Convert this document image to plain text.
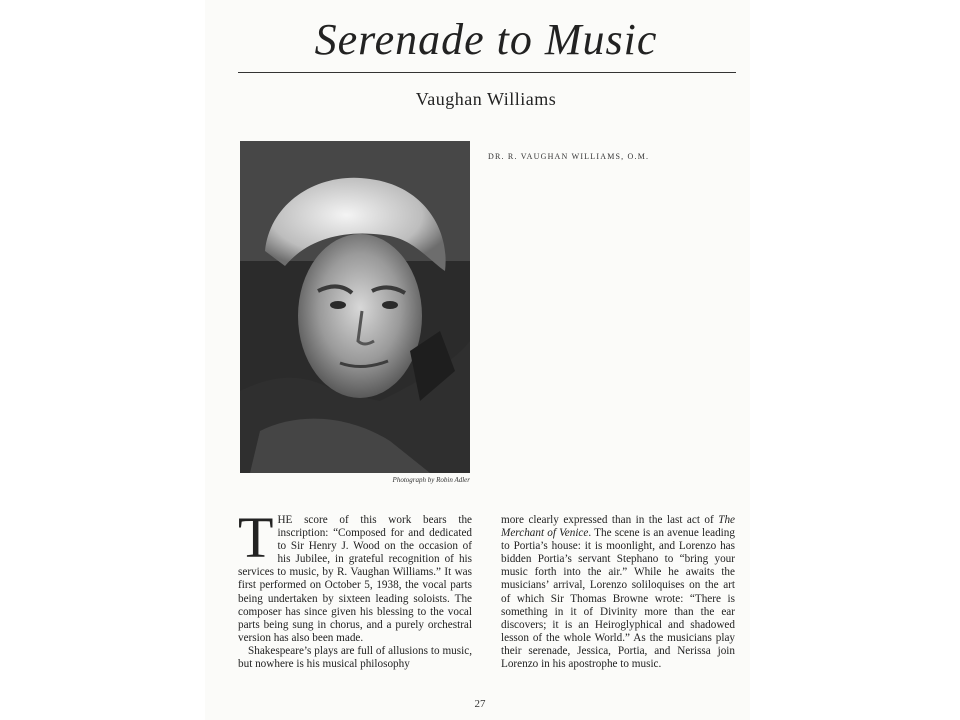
Serenade to Music
Vaughan Williams
DR. R. VAUGHAN WILLIAMS, O.M.
Photograph by Robin Adler

THE score of this work bears the inscription: “Composed for and dedicated to Sir Henry J. Wood on the occasion of his Jubilee, in grateful recognition of his services to music, by R. Vaughan Williams.” It was first performed on October 5, 1938, the vocal parts being undertaken by sixteen leading soloists. The composer has since given his blessing to the vocal parts being sung in chorus, and a purely orchestral version has also been made.

Shakespeare’s plays are full of allusions to music, but nowhere is his musical philosophy

more clearly expressed than in the last act of The Merchant of Venice. The scene is an avenue leading to Portia’s house: it is moonlight, and Lorenzo has bidden Portia’s servant Stephano to “bring your music forth into the air.” While he awaits the musicians’ arrival, Lorenzo soliloquises on the art of which Sir Thomas Browne wrote: “There is something in it of Divinity more than the ear discovers; it is an Heiroglyphical and shadowed lesson of the whole World.” As the musicians play their serenade, Jessica, Portia, and Nerissa join Lorenzo in his apostrophe to music.

27
